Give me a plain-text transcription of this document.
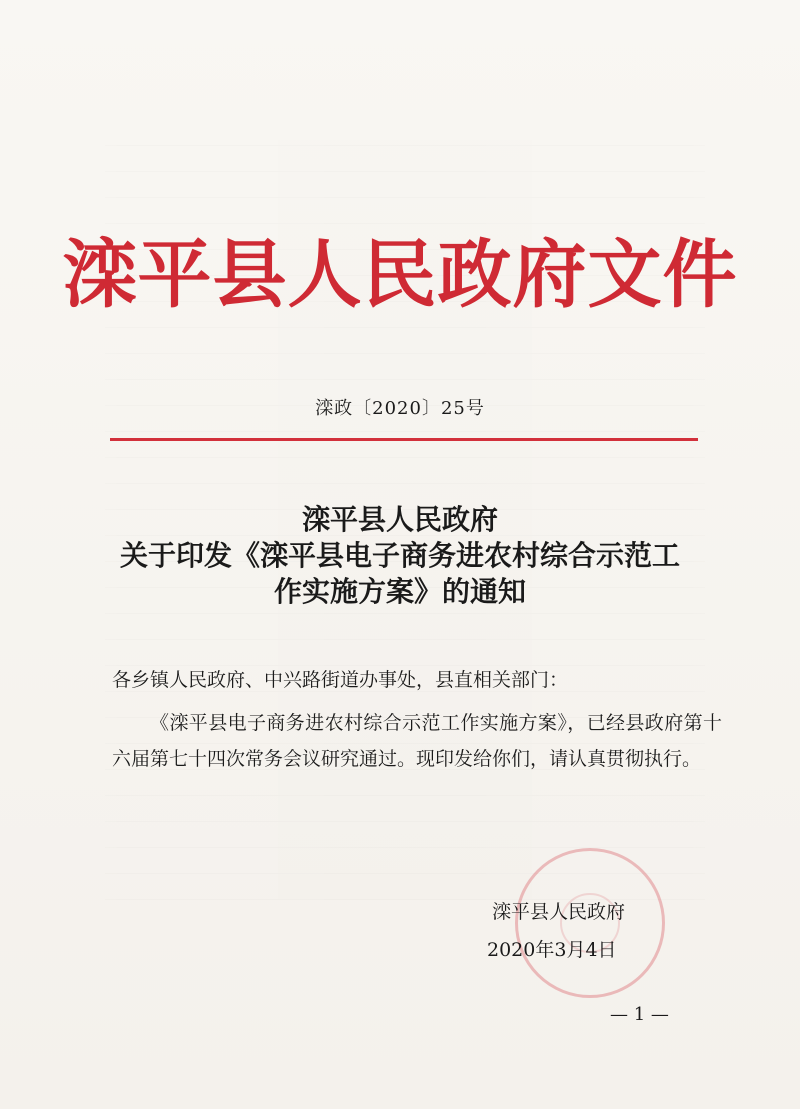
滦平县人民政府文件
滦政〔2020〕25号
滦平县人民政府
关于印发《滦平县电子商务进农村综合示范工
作实施方案》的通知
各乡镇人民政府、中兴路街道办事处，县直相关部门：
《滦平县电子商务进农村综合示范工作实施方案》，已经县政府第十六届第七十四次常务会议研究通过。现印发给你们，请认真贯彻执行。
滦平县人民政府
2020年3月4日
— 1 —
